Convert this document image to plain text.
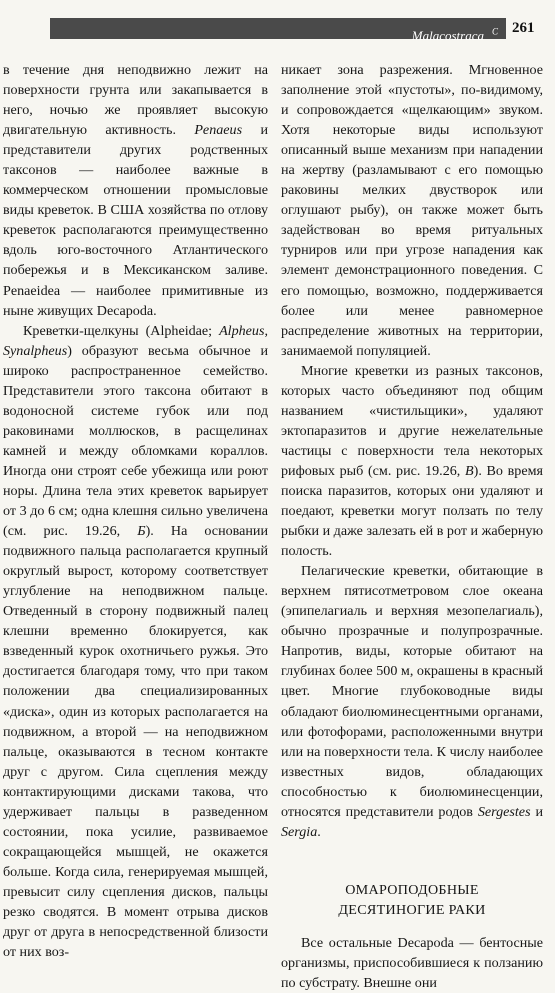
Malacostraca $^C$ 261

в течение дня неподвижно лежит на поверхности грунта или закапывается в него, ночью же проявляет высокую двигательную активность. Penaeus и представители других родственных таксонов — наиболее важные в коммерческом отношении промысловые виды креветок. В США хозяйства по отлову креветок располагаются преимущественно вдоль юго-восточного Атлантического побережья и в Мексиканском заливе. Penaeidea — наиболее примитивные из ныне живущих Decapoda.

Креветки-щелкуны (Alpheidae; Alpheus, Synalpheus) образуют весьма обычное и широко распространенное семейство. Представители этого таксона обитают в водоносной системе губок или под раковинами моллюсков, в расщелинах камней и между обломками кораллов. Иногда они строят себе убежища или роют норы. Длина тела этих креветок варьирует от 3 до 6 см; одна клешня сильно увеличена (см. рис. 19.26, Б). На основании подвижного пальца располагается крупный округлый вырост, которому соответствует углубление на неподвижном пальце. Отведенный в сторону подвижный палец клешни временно блокируется, как взведенный курок охотничьего ружья. Это достигается благодаря тому, что при таком положении два специализированных «диска», один из которых располагается на подвижном, а второй — на неподвижном пальце, оказываются в тесном контакте друг с другом. Сила сцепления между контактирующими дисками такова, что удерживает пальцы в разведенном состоянии, пока усилие, развиваемое сокращающейся мышцей, не окажется больше. Когда сила, генерируемая мышцей, превысит силу сцепления дисков, пальцы резко сводятся. В момент отрыва дисков друг от друга в непосредственной близости от них воз-

никает зона разрежения. Мгновенное заполнение этой «пустоты», по-видимому, и сопровождается «щелкающим» звуком. Хотя некоторые виды используют описанный выше механизм при нападении на жертву (разламывают с его помощью раковины мелких двустворок или оглушают рыбу), он также может быть задействован во время ритуальных турниров или при угрозе нападения как элемент демонстрационного поведения. С его помощью, возможно, поддерживается более или менее равномерное распределение животных на территории, занимаемой популяцией.

Многие креветки из разных таксонов, которых часто объединяют под общим названием «чистильщики», удаляют эктопаразитов и другие нежелательные частицы с поверхности тела некоторых рифовых рыб (см. рис. 19.26, В). Во время поиска паразитов, которых они удаляют и поедают, креветки могут ползать по телу рыбки и даже залезать ей в рот и жаберную полость.

Пелагические креветки, обитающие в верхнем пятисотметровом слое океана (эпипелагиаль и верхняя мезопелагиаль), обычно прозрачные и полупрозрачные. Напротив, виды, которые обитают на глубинах более 500 м, окрашены в красный цвет. Многие глубоководные виды обладают биолюминесцентными органами, или фотофорами, расположенными внутри или на поверхности тела. К числу наиболее известных видов, обладающих способностью к биолюминесценции, относятся представители родов Sergestes и Sergia.

ОМАРОПОДОБНЫЕ
ДЕСЯТИНОГИЕ РАКИ

Все остальные Decapoda — бентосные организмы, приспособившиеся к ползанию по субстрату. Внешне они
